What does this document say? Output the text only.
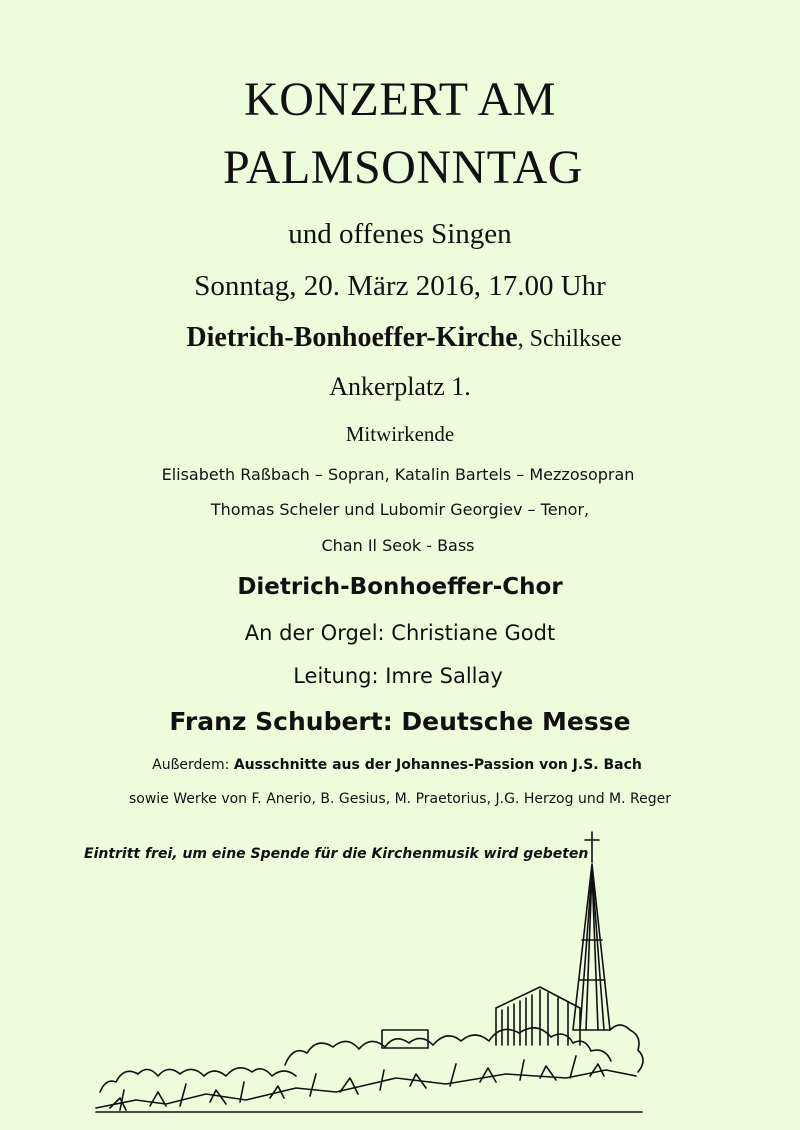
KONZERT AM
PALMSONNTAG
und offenes Singen
Sonntag, 20. März 2016, 17.00 Uhr
Dietrich-Bonhoeffer-Kirche, Schilksee
Ankerplatz 1.
Mitwirkende
Elisabeth Raßbach – Sopran, Katalin Bartels – Mezzosopran
Thomas Scheler und Lubomir Georgiev – Tenor,
Chan Il Seok - Bass
Dietrich-Bonhoeffer-Chor
An der Orgel: Christiane Godt
Leitung: Imre Sallay
Franz Schubert: Deutsche Messe
Außerdem: Ausschnitte aus der Johannes-Passion von J.S. Bach
sowie Werke von F. Anerio, B. Gesius, M. Praetorius, J.G. Herzog und M. Reger
Eintritt frei, um eine Spende für die Kirchenmusik wird gebeten
